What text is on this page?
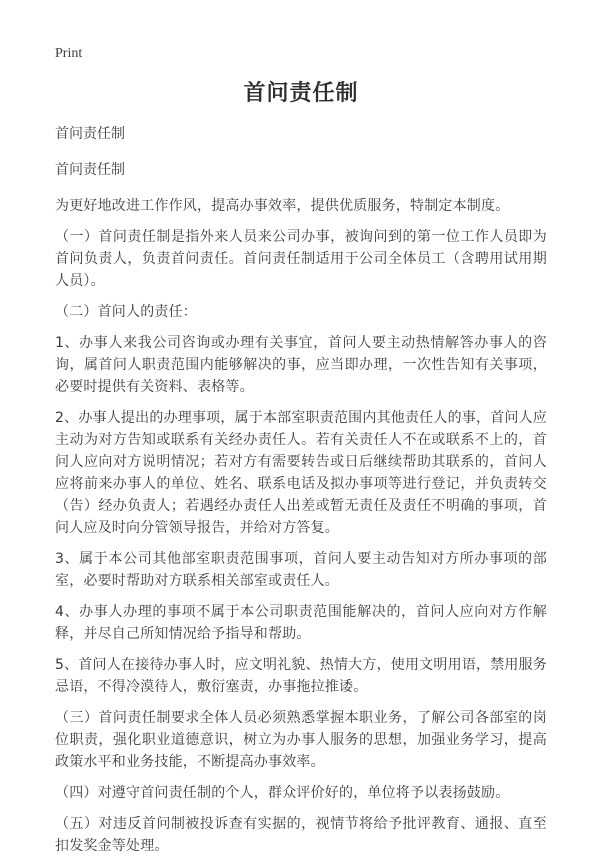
Print
首问责任制
首问责任制
首问责任制

为更好地改进工作作风，提高办事效率，提供优质服务，特制定本制度。

（一）首问责任制是指外来人员来公司办事，被询问到的第一位工作人员即为首问负责人，负责首问责任。首问责任制适用于公司全体员工（含聘用试用期人员）。

（二）首问人的责任：

1、办事人来我公司咨询或办理有关事宜，首问人要主动热情解答办事人的咨询，属首问人职责范围内能够解决的事，应当即办理，一次性告知有关事项，必要时提供有关资料、表格等。

2、办事人提出的办理事项，属于本部室职责范围内其他责任人的事，首问人应主动为对方告知或联系有关经办责任人。若有关责任人不在或联系不上的，首问人应向对方说明情况；若对方有需要转告或日后继续帮助其联系的，首问人应将前来办事人的单位、姓名、联系电话及拟办事项等进行登记，并负责转交（告）经办负责人；若遇经办责任人出差或暂无责任及责任不明确的事项，首问人应及时向分管领导报告，并给对方答复。

3、属于本公司其他部室职责范围事项，首问人要主动告知对方所办事项的部室，必要时帮助对方联系相关部室或责任人。

4、办事人办理的事项不属于本公司职责范围能解决的，首问人应向对方作解释，并尽自己所知情况给予指导和帮助。

5、首问人在接待办事人时，应文明礼貌、热情大方，使用文明用语，禁用服务忌语，不得冷漠待人，敷衍塞责，办事拖拉推诿。

（三）首问责任制要求全体人员必须熟悉掌握本职业务，了解公司各部室的岗位职责，强化职业道德意识，树立为办事人服务的思想，加强业务学习，提高政策水平和业务技能，不断提高办事效率。

（四）对遵守首问责任制的个人，群众评价好的，单位将予以表扬鼓励。

（五）对违反首问制被投诉查有实据的，视情节将给予批评教育、通报、直至扣发奖金等处理。
